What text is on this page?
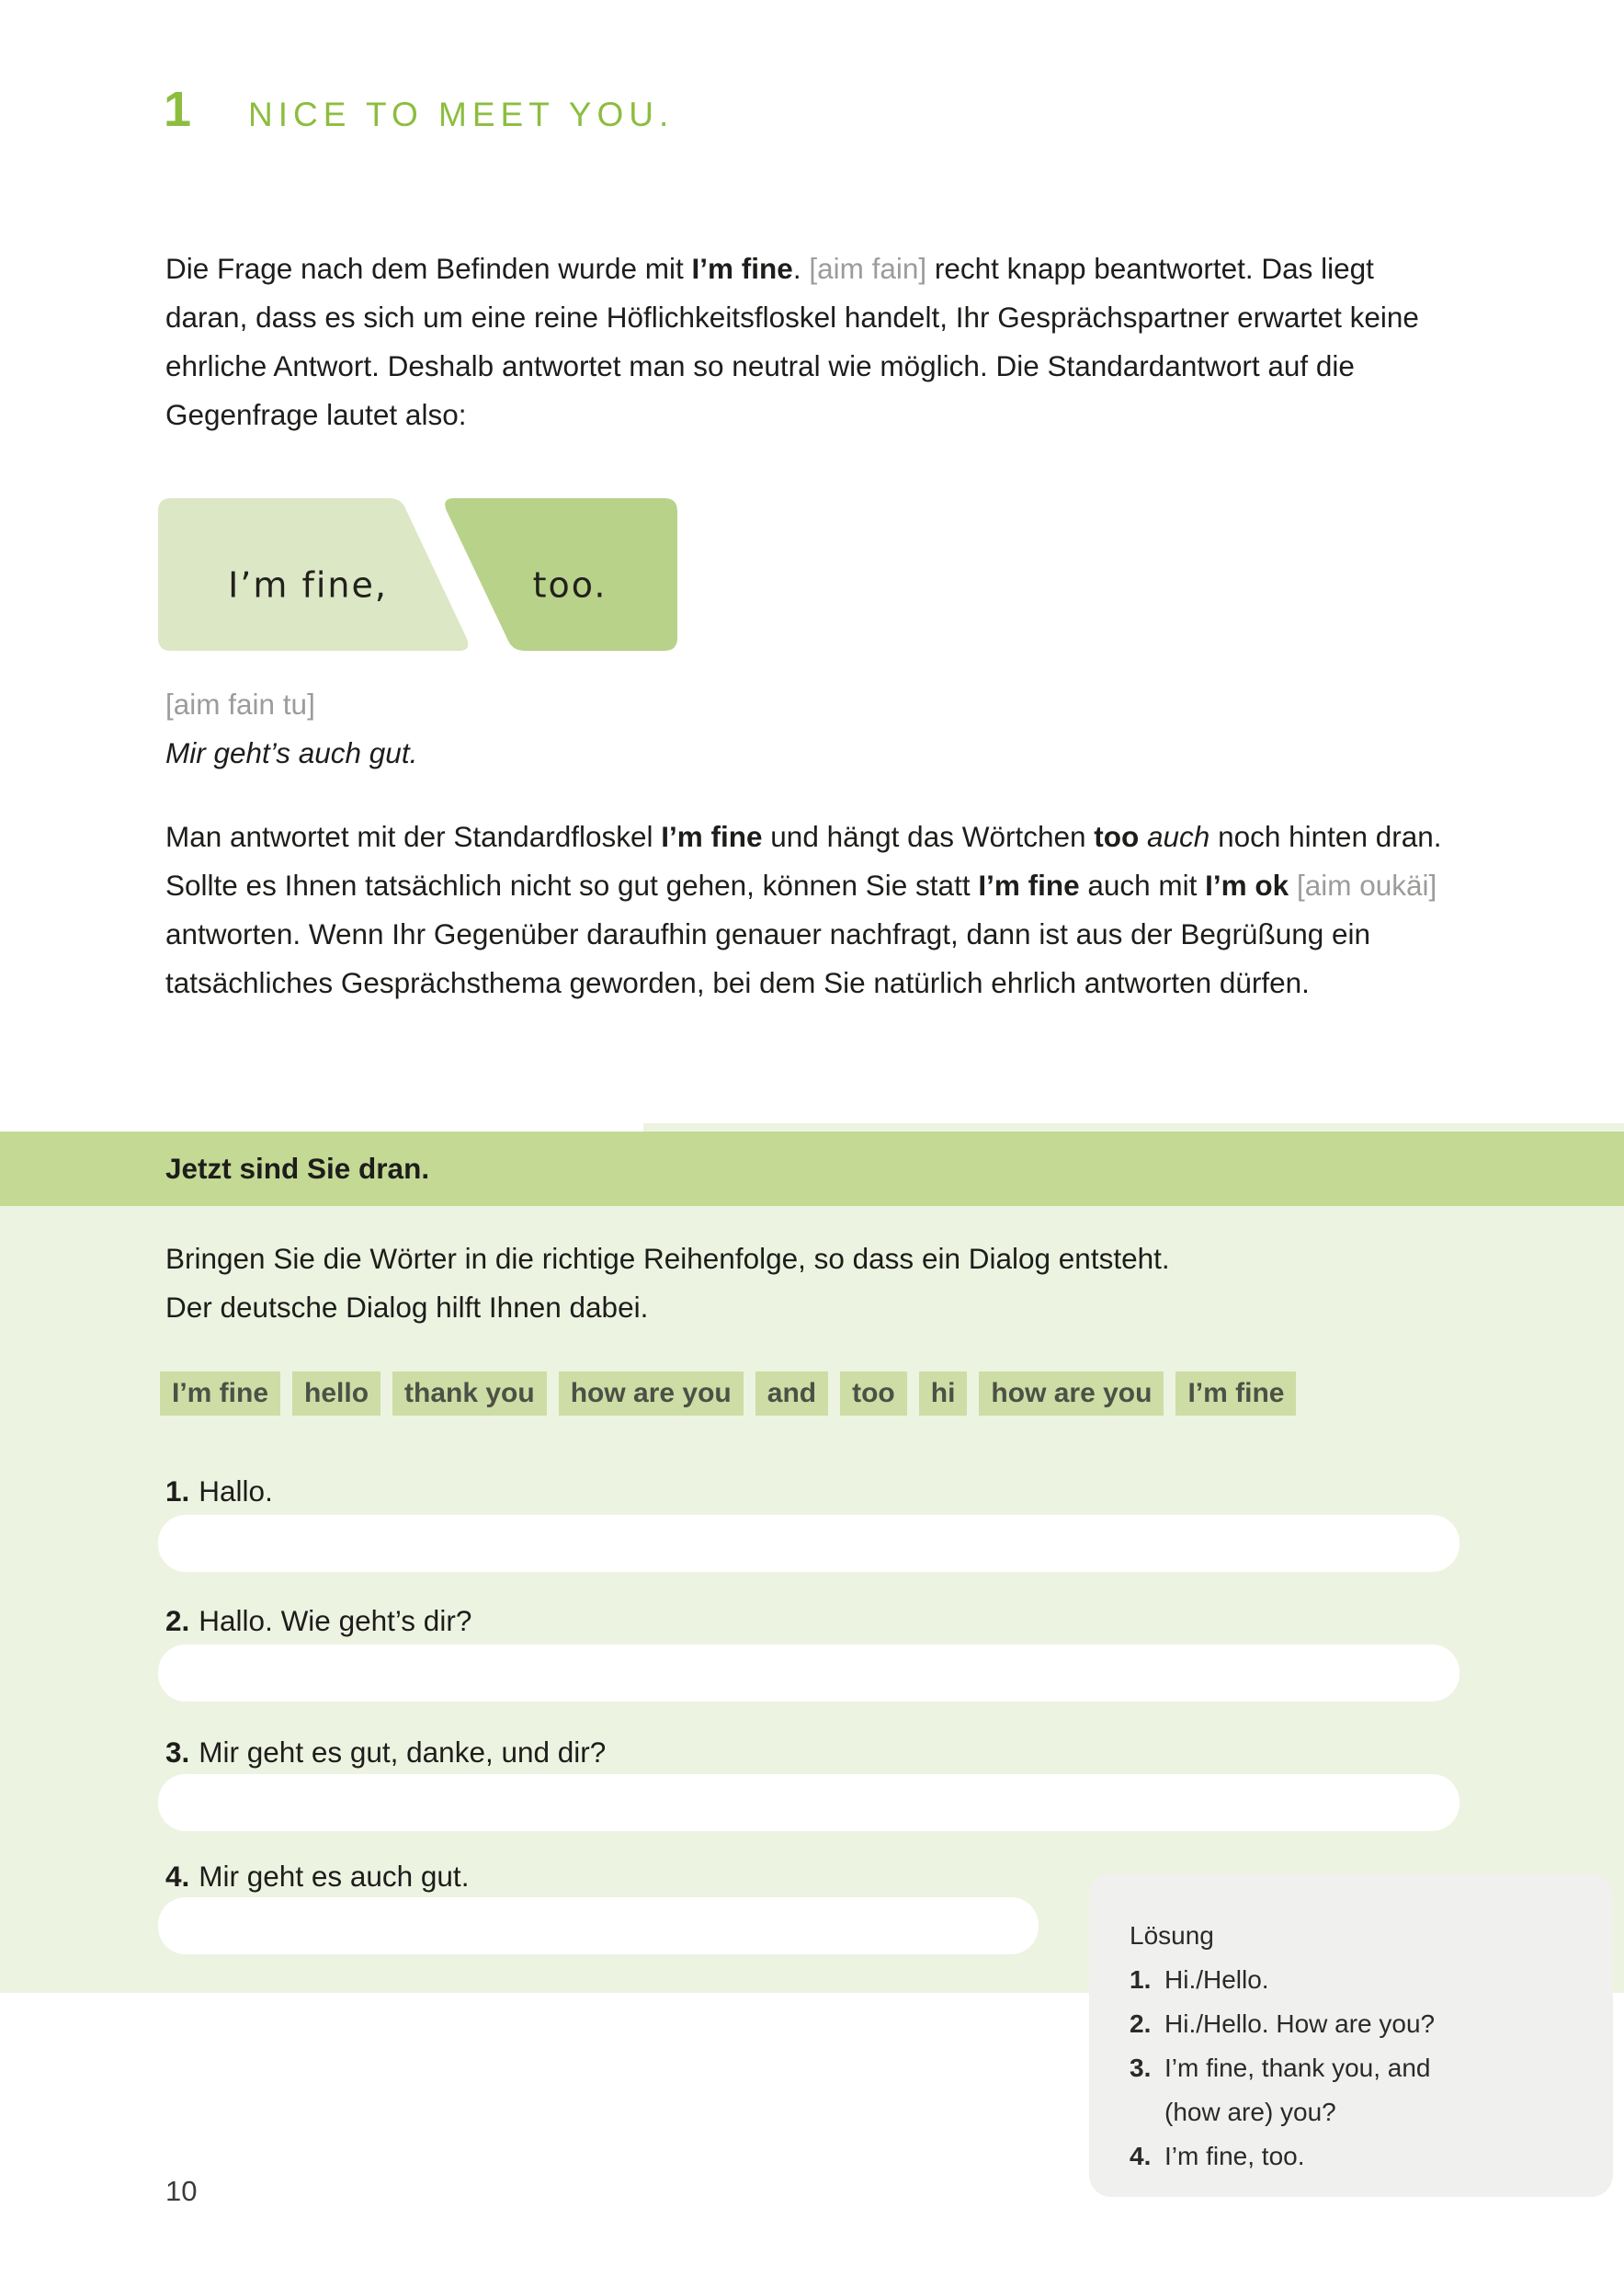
Jetzt sind Sie dran.
1 NICE TO MEET YOU.
Die Frage nach dem Befinden wurde mit I’m fine. [aim fain] recht knapp beantwortet. Das liegt daran, dass es sich um eine reine Höflichkeitsfloskel handelt, Ihr Gesprächspartner erwartet keine ehrliche Antwort. Deshalb antwortet man so neutral wie möglich. Die Standardantwort auf die Gegenfrage lautet also:
I’m fine,	too.
[aim fain tu]
Mir geht’s auch gut.
Man antwortet mit der Standardfloskel I’m fine und hängt das Wörtchen too auch noch hinten dran. Sollte es Ihnen tatsächlich nicht so gut gehen, können Sie statt I’m fine auch mit I’m ok [aim oukäi] antworten. Wenn Ihr Gegenüber daraufhin genauer nachfragt, dann ist aus der Begrüßung ein tatsächliches Gesprächsthema geworden, bei dem Sie natürlich ehrlich antworten dürfen.
Bringen Sie die Wörter in die richtige Reihenfolge, so dass ein Dialog entsteht.
Der deutsche Dialog hilft Ihnen dabei.
I’m fine	hello	thank you	how are you	and	too	hi	how are you	I’m fine
1. Hallo.
2. Hallo. Wie geht’s dir?
3. Mir geht es gut, danke, und dir?
4. Mir geht es auch gut.
Lösung
1. Hi./Hello.
2. Hi./Hello. How are you?
3. I’m fine, thank you, and
(how are) you?
4. I’m fine, too.
10
